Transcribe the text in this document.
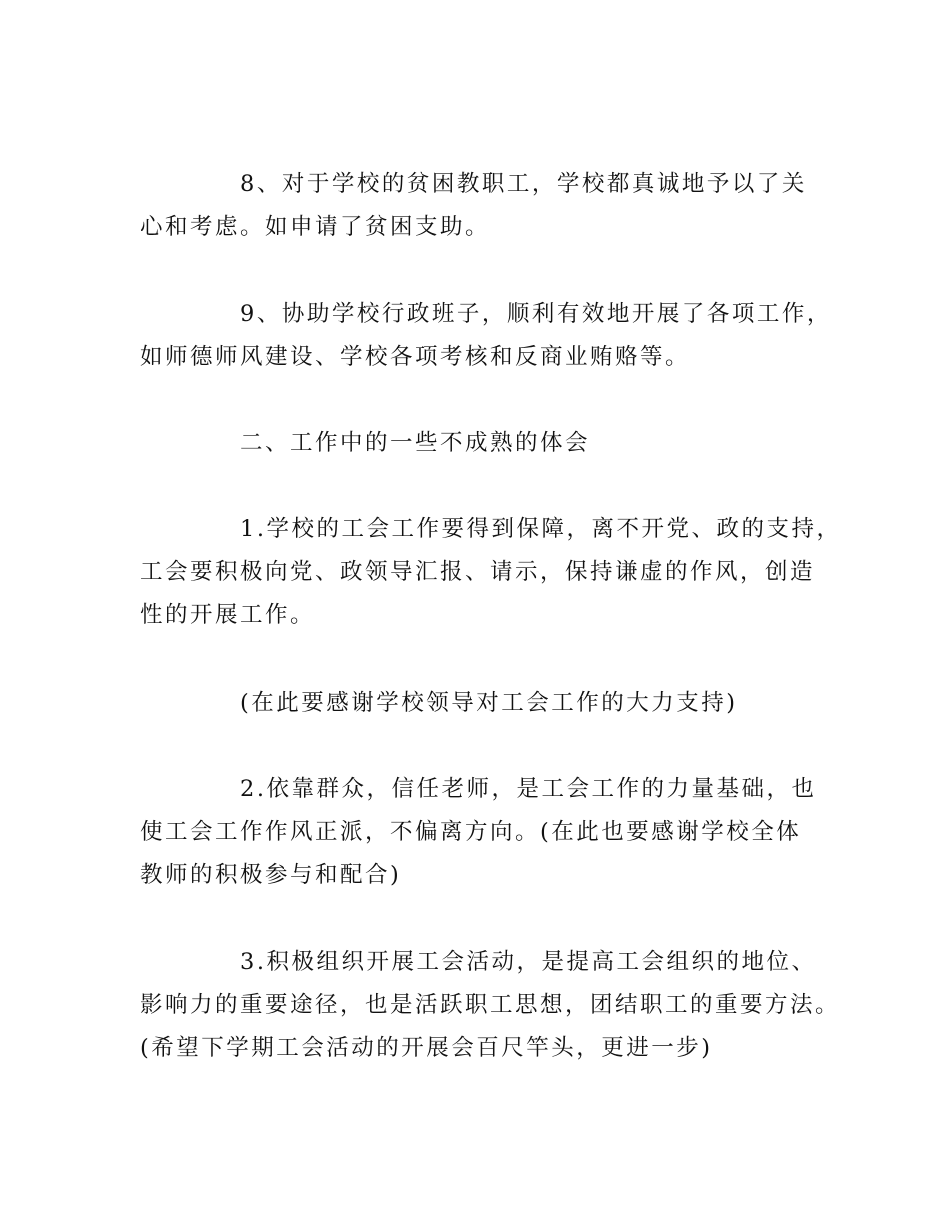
8、对于学校的贫困教职工，学校都真诚地予以了关
心和考虑。如申请了贫困支助。
9、协助学校行政班子，顺利有效地开展了各项工作，
如师德师风建设、学校各项考核和反商业贿赂等。
二、工作中的一些不成熟的体会
1.学校的工会工作要得到保障，离不开党、政的支持，
工会要积极向党、政领导汇报、请示，保持谦虚的作风，创造
性的开展工作。
(在此要感谢学校领导对工会工作的大力支持)
2.依靠群众，信任老师，是工会工作的力量基础，也
使工会工作作风正派，不偏离方向。(在此也要感谢学校全体
教师的积极参与和配合)
3.积极组织开展工会活动，是提高工会组织的地位、
影响力的重要途径，也是活跃职工思想，团结职工的重要方法。
(希望下学期工会活动的开展会百尺竿头，更进一步)
